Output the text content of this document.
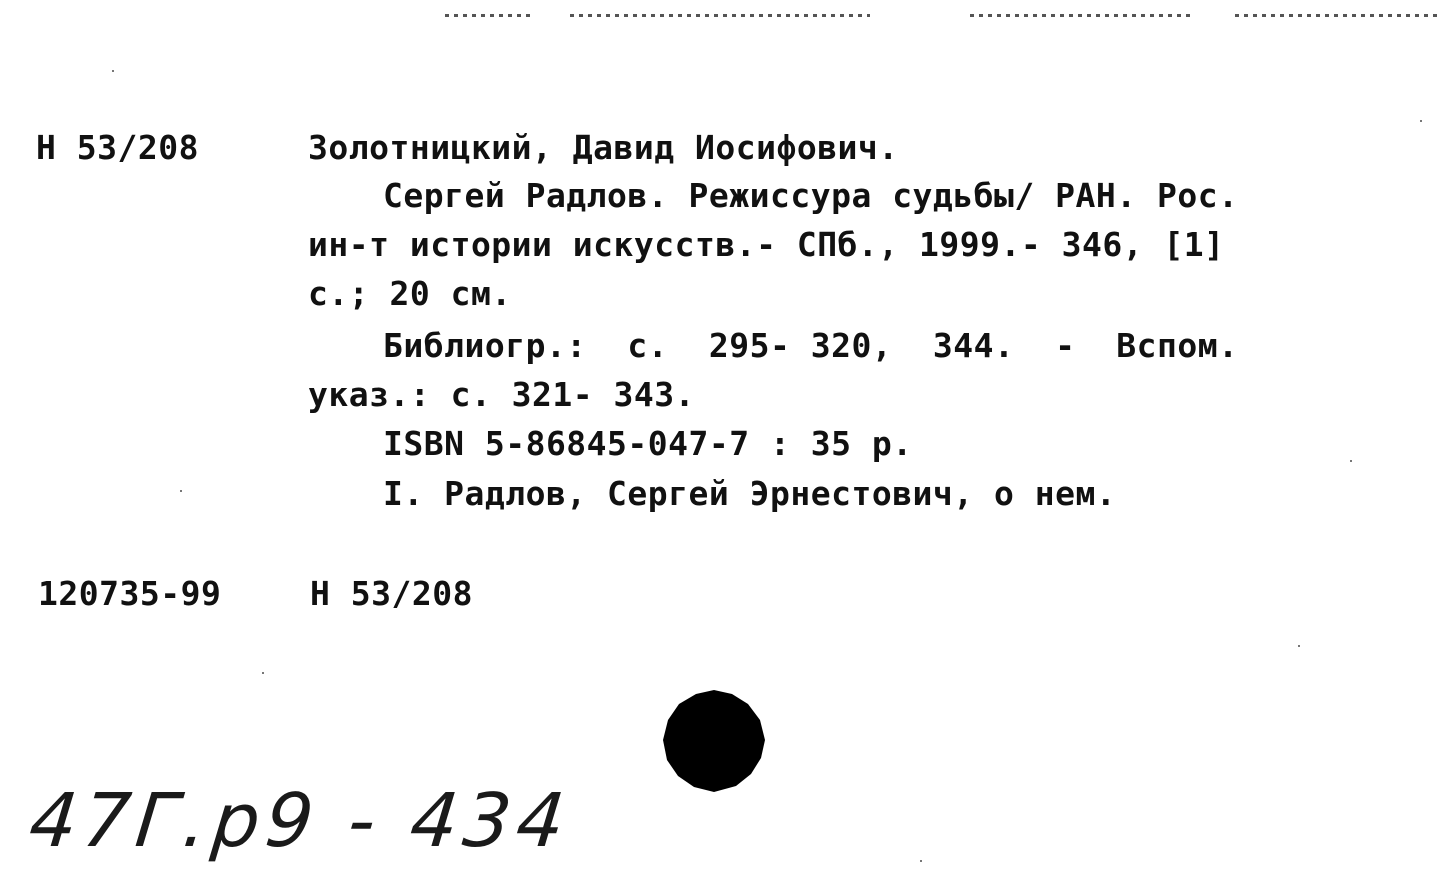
Н 53/208	Золотницкий, Давид Иосифович.
Сергей Радлов. Режиссура судьбы/ РАН. Рос.
ин-т истории искусств.- СПб., 1999.- 346, [1]
с.; 20 см.
Библиогр.:  с.  295- 320,  344.  -  Вспом.
указ.: с. 321- 343.
ISBN 5-86845-047-7 : 35 р.
I. Радлов, Сергей Эрнестович, о нем.
120735-99	Н 53/208
47Г.р9 - 434
